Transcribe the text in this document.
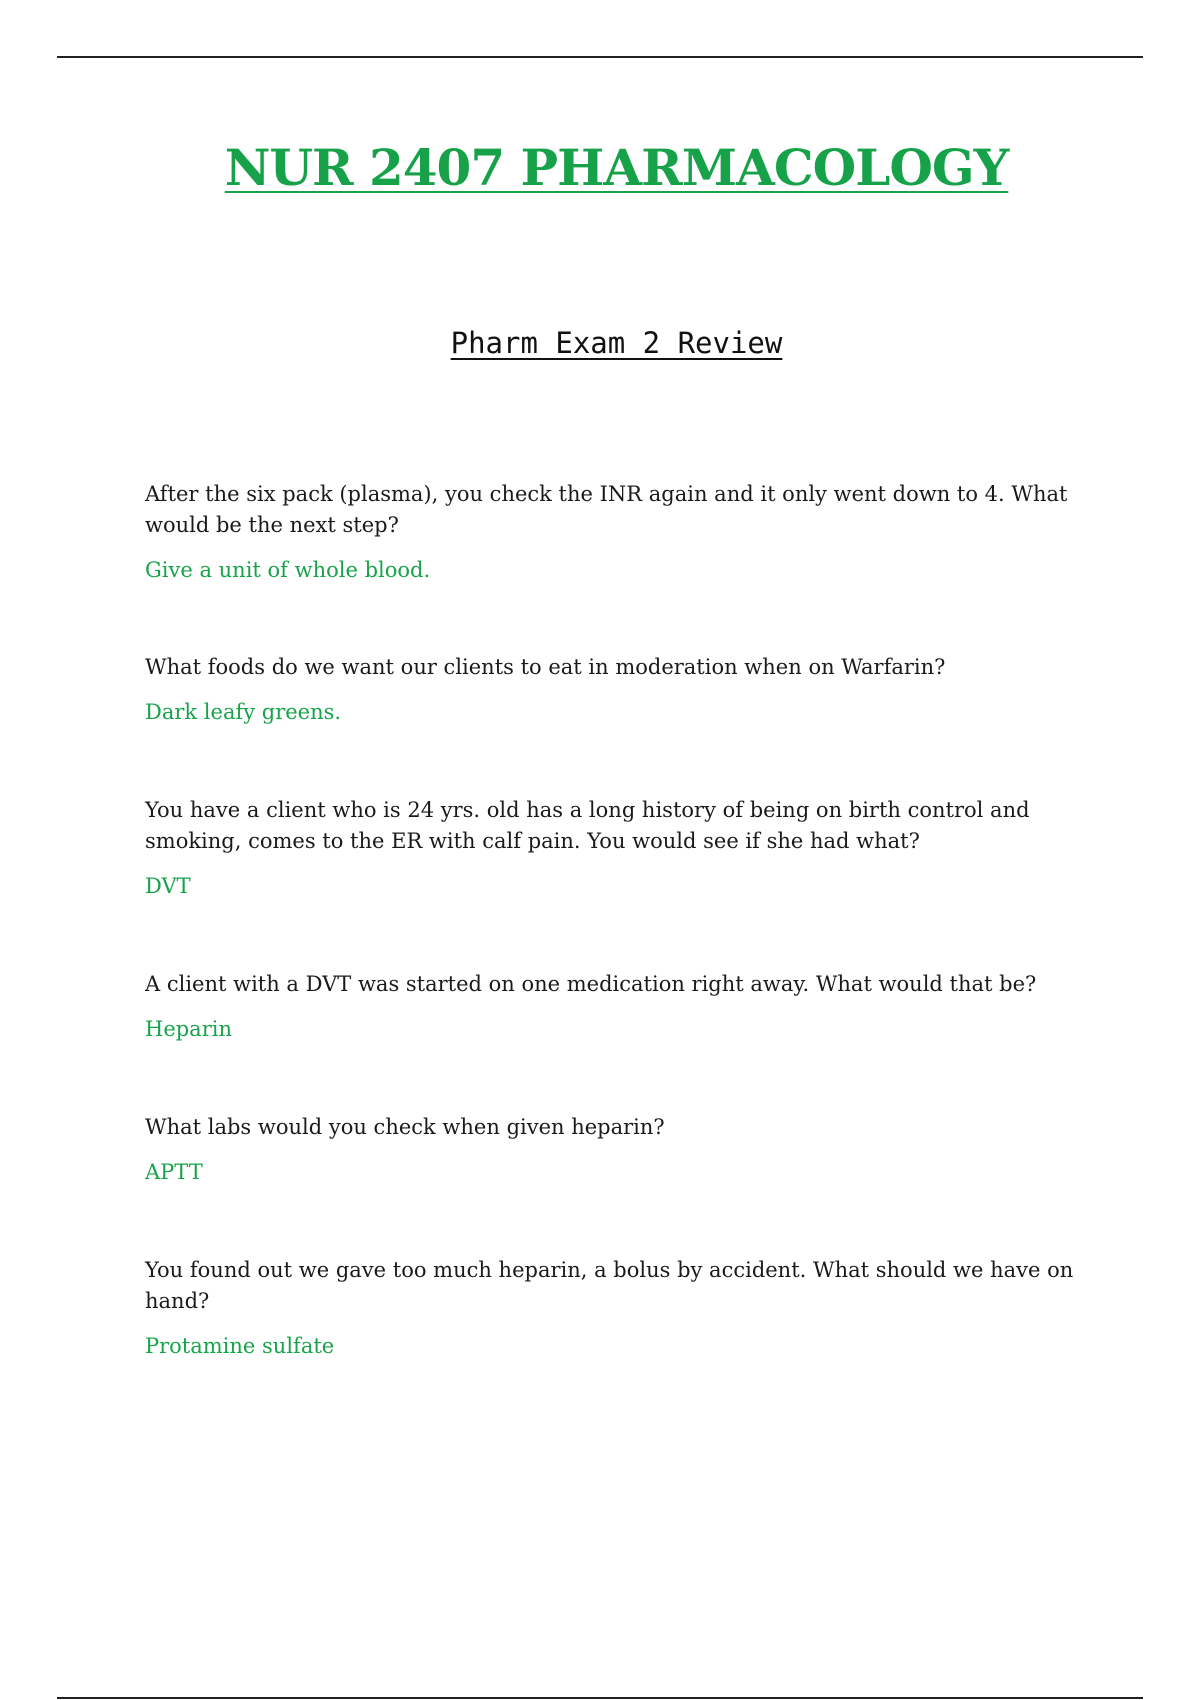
NUR 2407 PHARMACOLOGY
Pharm Exam 2 Review

After the six pack (plasma), you check the INR again and it only went down to 4. What would be the next step?

Give a unit of whole blood.

What foods do we want our clients to eat in moderation when on Warfarin?

Dark leafy greens.

You have a client who is 24 yrs. old has a long history of being on birth control and smoking, comes to the ER with calf pain. You would see if she had what?

DVT

A client with a DVT was started on one medication right away. What would that be?

Heparin

What labs would you check when given heparin?

APTT

You found out we gave too much heparin, a bolus by accident. What should we have on hand?

Protamine sulfate
